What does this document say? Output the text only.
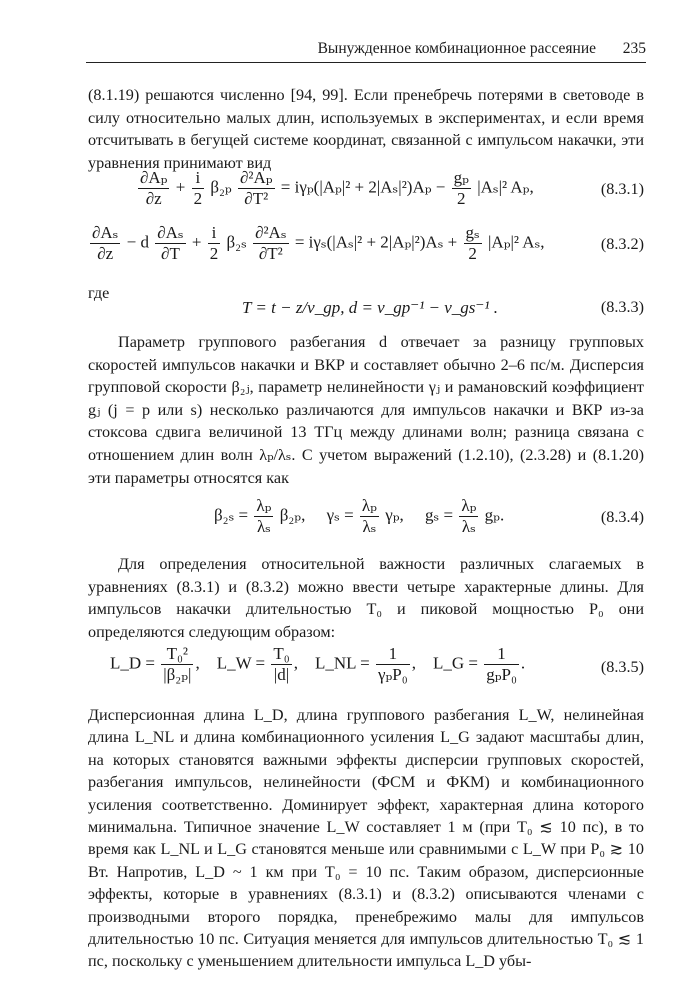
Вынужденное комбинационное рассеяние 235

(8.1.19) решаются численно [94, 99]. Если пренебречь потерями в световоде в силу относительно малых длин, используемых в экспериментах, и если время отсчитывать в бегущей системе координат, связанной с импульсом накачки, эти уравнения принимают вид

$\frac{\text{∂Aₚ}}{\partial z} + \frac{i}{2} \beta_{2p} \frac{\text{∂²Aₚ}}{\text{∂T²}} = i\gamma_p(|A_p|^2 + 2|A_s|^2)A_p - \frac{\text{gₚ}}{2} |A_s|^2$ Aₚ,	(8.3.1)
$\frac{\text{∂Aₛ}}{\partial z} - d \frac{\text{∂Aₛ}}{\partial T} + \frac{i}{2} \beta_{2s} \frac{\text{∂²Aₛ}}{\text{∂T²}} = i\gamma_s(|A_s|^2 + 2|A_p|^2)A_s + \frac{\text{gₛ}}{2} |A_p|^2$ Aₛ,	(8.3.2)

где

T = t − z/v_gp, d = v_gp⁻¹ − v_gs⁻¹ .	(8.3.3)

Параметр группового разбегания d отвечает за разницу групповых скоростей импульсов накачки и ВКР и составляет обычно 2–6 пс/м. Дисперсия групповой скорости β₂ⱼ, параметр нелинейности γⱼ и рамановский коэффициент gⱼ (j = p или s) несколько различаются для импульсов накачки и ВКР из-за стоксова сдвига величиной 13 ТГц между длинами волн; разница связана с отношением длин волн λₚ/λₛ. С учетом выражений (1.2.10), (2.3.28) и (8.1.20) эти параметры относятся как

$\beta_{2s} = \frac{\text{λₚ}}{\text{λₛ}} \beta_{2p}$, $\gamma_s = \frac{\text{λₚ}}{\text{λₛ}} \gamma_p$, $g_s = \frac{\text{λₚ}}{\text{λₛ}} g_p$.	(8.3.4)

Для определения относительной важности различных слагаемых в уравнениях (8.3.1) и (8.3.2) можно ввести четыре характерные длины. Для импульсов накачки длительностью T₀ и пиковой мощностью P₀ они определяются следующим образом:

L_D = $\frac{\text{T₀²}}{\text{|β₂ₚ|}}$ ,    L_W = $\frac{\text{T₀}}{|d|}$ ,    L_NL = $\frac{1}{\text{γₚP₀}}$ ,    L_G = $\frac{1}{\text{gₚP₀}}$ .	(8.3.5)

Дисперсионная длина L_D, длина группового разбегания L_W, нелинейная длина L_NL и длина комбинационного усиления L_G задают масштабы длин, на которых становятся важными эффекты дисперсии групповых скоростей, разбегания импульсов, нелинейности (ФСМ и ФКМ) и комбинационного усиления соответственно. Доминирует эффект, характерная длина которого минимальна. Типичное значение L_W составляет 1 м (при T₀ ≲ 10 пс), в то время как L_NL и L_G становятся меньше или сравнимыми с L_W при P₀ ≳ 10 Вт. Напротив, L_D ~ 1 км при T₀ = 10 пс. Таким образом, дисперсионные эффекты, которые в уравнениях (8.3.1) и (8.3.2) описываются членами с производными второго порядка, пренебрежимо малы для импульсов длительностью 10 пс. Ситуация меняется для импульсов длительностью T₀ ≲ 1 пс, поскольку с уменьшением длительности импульса L_D убы-
